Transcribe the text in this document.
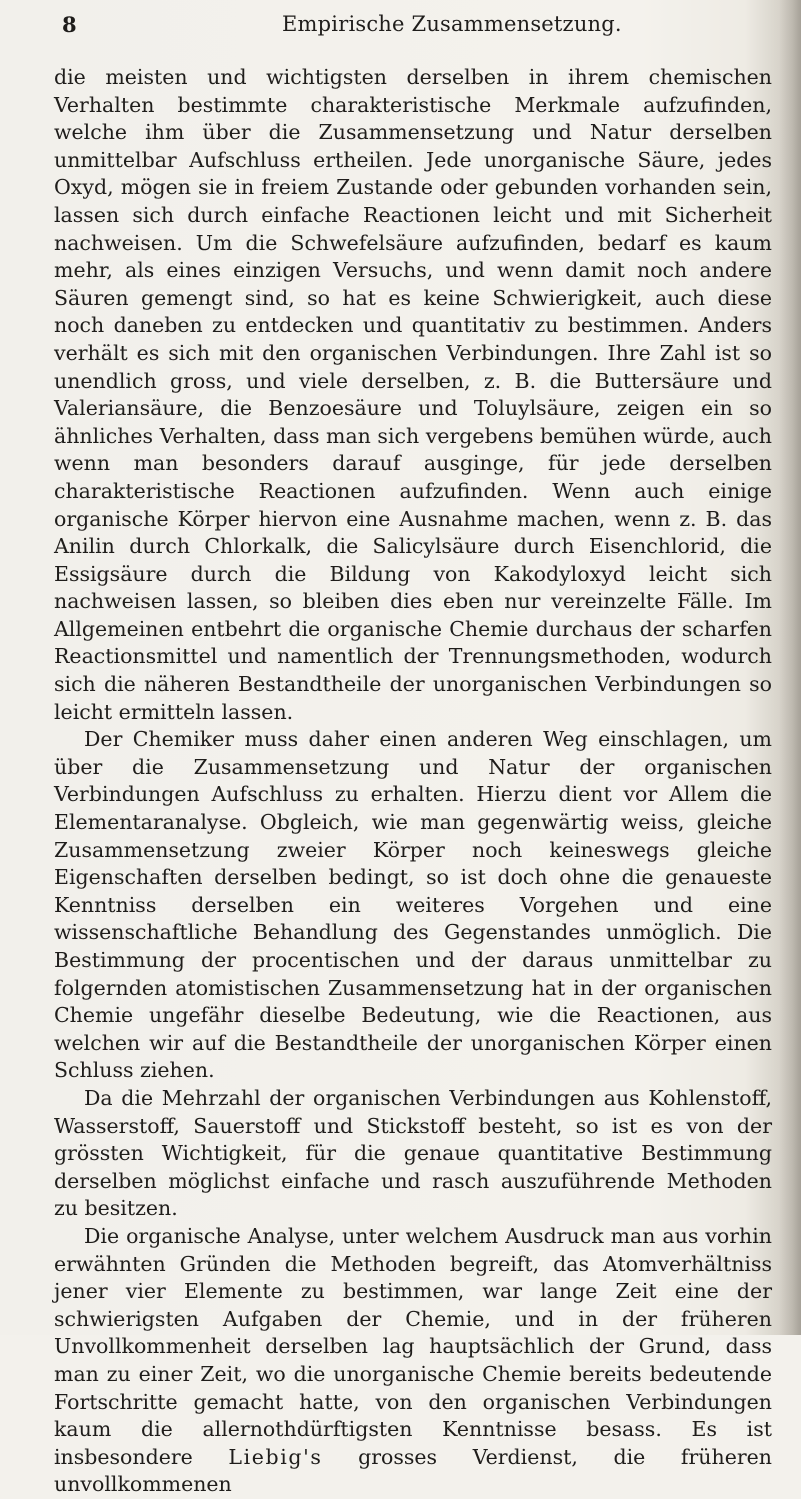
8	Empirische Zusammensetzung.

die meisten und wichtigsten derselben in ihrem chemischen Verhalten bestimmte charakteristische Merkmale aufzufinden, welche ihm über die Zusammensetzung und Natur derselben unmittelbar Aufschluss ertheilen. Jede unorganische Säure, jedes Oxyd, mögen sie in freiem Zustande oder gebunden vorhanden sein, lassen sich durch einfache Reactionen leicht und mit Sicherheit nachweisen. Um die Schwefelsäure aufzufinden, bedarf es kaum mehr, als eines einzigen Versuchs, und wenn damit noch andere Säuren gemengt sind, so hat es keine Schwierigkeit, auch diese noch daneben zu entdecken und quantitativ zu bestimmen. Anders verhält es sich mit den organischen Verbindungen. Ihre Zahl ist so unendlich gross, und viele derselben, z. B. die Buttersäure und Valeriansäure, die Benzoesäure und Toluylsäure, zeigen ein so ähnliches Verhalten, dass man sich vergebens bemühen würde, auch wenn man besonders darauf ausginge, für jede derselben charakteristische Reactionen aufzufinden. Wenn auch einige organische Körper hiervon eine Ausnahme machen, wenn z. B. das Anilin durch Chlorkalk, die Salicylsäure durch Eisenchlorid, die Essigsäure durch die Bildung von Kakodyloxyd leicht sich nachweisen lassen, so bleiben dies eben nur vereinzelte Fälle. Im Allgemeinen entbehrt die organische Chemie durchaus der scharfen Reactionsmittel und namentlich der Trennungsmethoden, wodurch sich die näheren Bestandtheile der unorganischen Verbindungen so leicht ermitteln lassen.

Der Chemiker muss daher einen anderen Weg einschlagen, um über die Zusammensetzung und Natur der organischen Verbindungen Aufschluss zu erhalten. Hierzu dient vor Allem die Elementaranalyse. Obgleich, wie man gegenwärtig weiss, gleiche Zusammensetzung zweier Körper noch keineswegs gleiche Eigenschaften derselben bedingt, so ist doch ohne die genaueste Kenntniss derselben ein weiteres Vorgehen und eine wissenschaftliche Behandlung des Gegenstandes unmöglich. Die Bestimmung der procentischen und der daraus unmittelbar zu folgernden atomistischen Zusammensetzung hat in der organischen Chemie ungefähr dieselbe Bedeutung, wie die Reactionen, aus welchen wir auf die Bestandtheile der unorganischen Körper einen Schluss ziehen.

Da die Mehrzahl der organischen Verbindungen aus Kohlenstoff, Wasserstoff, Sauerstoff und Stickstoff besteht, so ist es von der grössten Wichtigkeit, für die genaue quantitative Bestimmung derselben möglichst einfache und rasch auszuführende Methoden zu besitzen.

Die organische Analyse, unter welchem Ausdruck man aus vorhin erwähnten Gründen die Methoden begreift, das Atomverhältniss jener vier Elemente zu bestimmen, war lange Zeit eine der schwierigsten Aufgaben der Chemie, und in der früheren Unvollkommenheit derselben lag hauptsächlich der Grund, dass man zu einer Zeit, wo die unorganische Chemie bereits bedeutende Fortschritte gemacht hatte, von den organischen Verbindungen kaum die allernothdürftigsten Kenntnisse besass. Es ist insbesondere Liebig's grosses Verdienst, die früheren unvollkommenen
